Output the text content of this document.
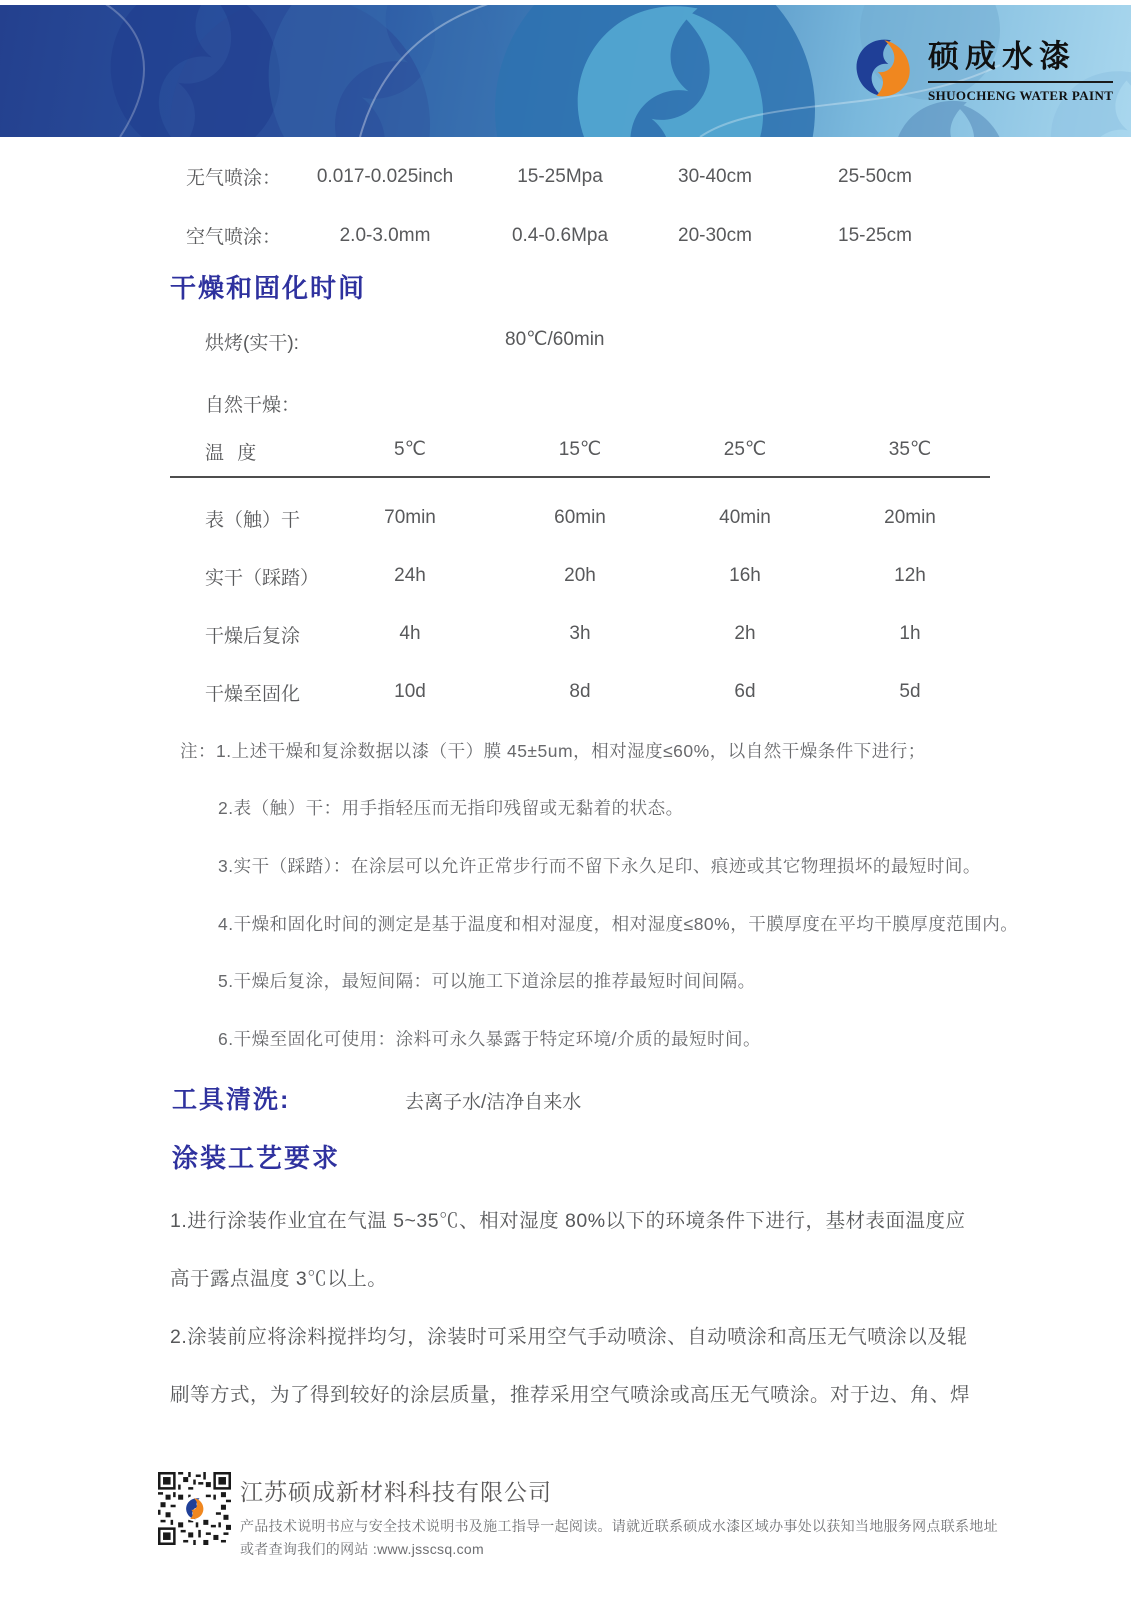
硕成水漆
SHUOCHENG WATER PAINT
无气喷涂：	0.017-0.025inch	15-25Mpa	30-40cm	25-50cm
空气喷涂：	2.0-3.0mm	0.4-0.6Mpa	20-30cm	15-25cm
干燥和固化时间
烘烤(实干):	80℃/60min
自然干燥：
温 度	5℃	15℃	25℃	35℃
表（触）干	70min	60min	40min	20min
实干（踩踏）	24h	20h	16h	12h
干燥后复涂	4h	3h	2h	1h
干燥至固化	10d	8d	6d	5d
注：1.上述干燥和复涂数据以漆（干）膜 45±5um，相对湿度≤60%，以自然干燥条件下进行；
2.表（触）干：用手指轻压而无指印残留或无黏着的状态。
3.实干（踩踏）：在涂层可以允许正常步行而不留下永久足印、痕迹或其它物理损坏的最短时间。
4.干燥和固化时间的测定是基于温度和相对湿度，相对湿度≤80%，干膜厚度在平均干膜厚度范围内。
5.干燥后复涂，最短间隔：可以施工下道涂层的推荐最短时间间隔。
6.干燥至固化可使用：涂料可永久暴露于特定环境/介质的最短时间。
工具清洗:	去离子水/洁净自来水
涂装工艺要求
1.进行涂装作业宜在气温 5~35℃、相对湿度 80%以下的环境条件下进行，基材表面温度应
高于露点温度 3℃以上。
2.涂装前应将涂料搅拌均匀，涂装时可采用空气手动喷涂、自动喷涂和高压无气喷涂以及辊
刷等方式，为了得到较好的涂层质量，推荐采用空气喷涂或高压无气喷涂。对于边、角、焊
江苏硕成新材料科技有限公司
产品技术说明书应与安全技术说明书及施工指导一起阅读。请就近联系硕成水漆区域办事处以获知当地服务网点联系地址
或者查询我们的网站 :www.jsscsq.com
